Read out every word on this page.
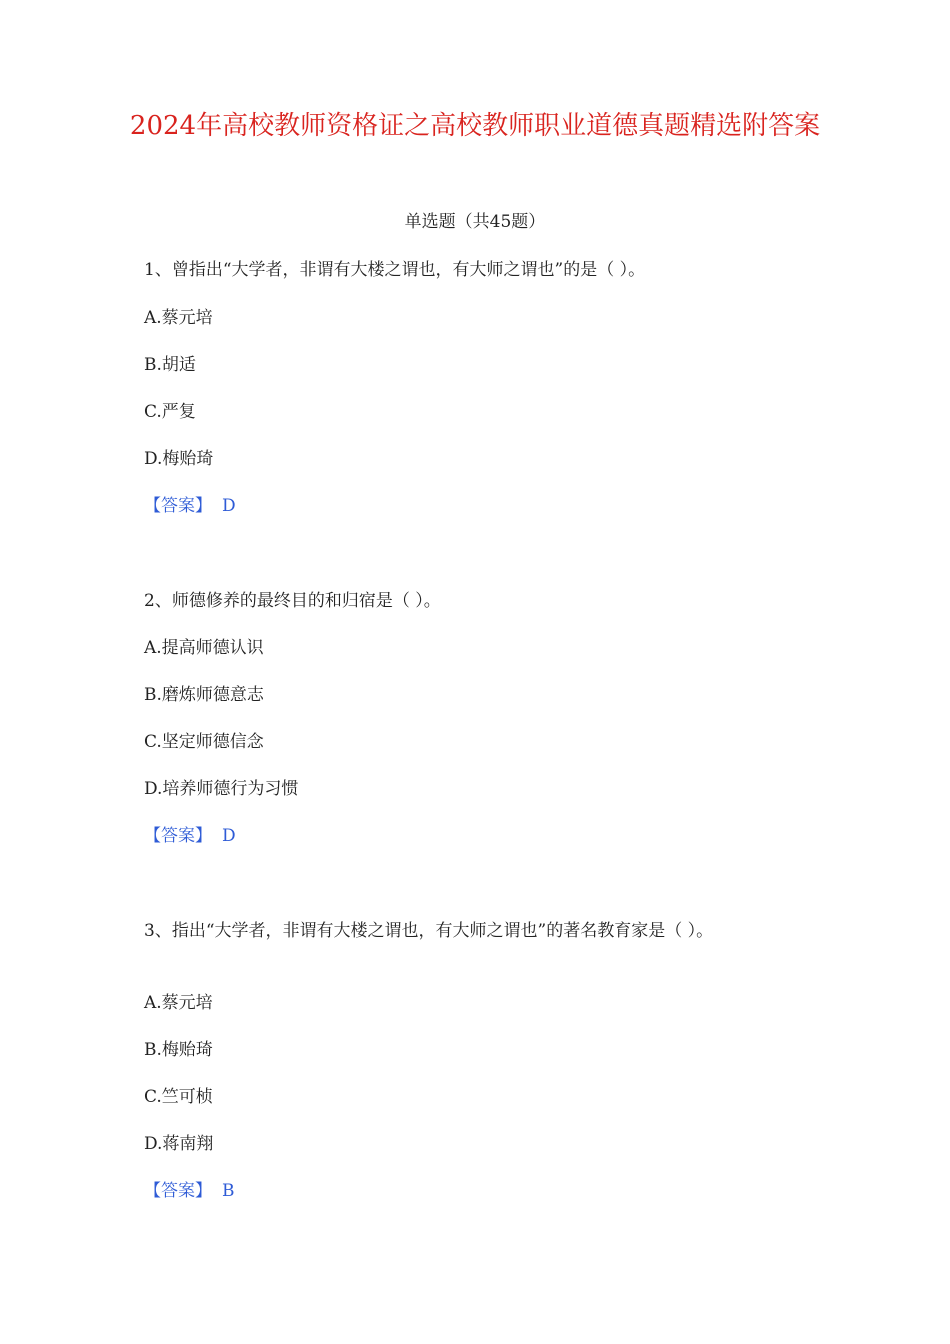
2024年高校教师资格证之高校教师职业道德真题精选附答案
单选题（共45题）
1、曾指出“大学者，非谓有大楼之谓也，有大师之谓也”的是（ ）。
A.蔡元培
B.胡适
C.严复
D.梅贻琦
【答案】 D
2、师德修养的最终目的和归宿是（ ）。
A.提高师德认识
B.磨炼师德意志
C.坚定师德信念
D.培养师德行为习惯
【答案】 D
3、指出“大学者，非谓有大楼之谓也，有大师之谓也”的著名教育家是（ ）。
A.蔡元培
B.梅贻琦
C.竺可桢
D.蒋南翔
【答案】 B
